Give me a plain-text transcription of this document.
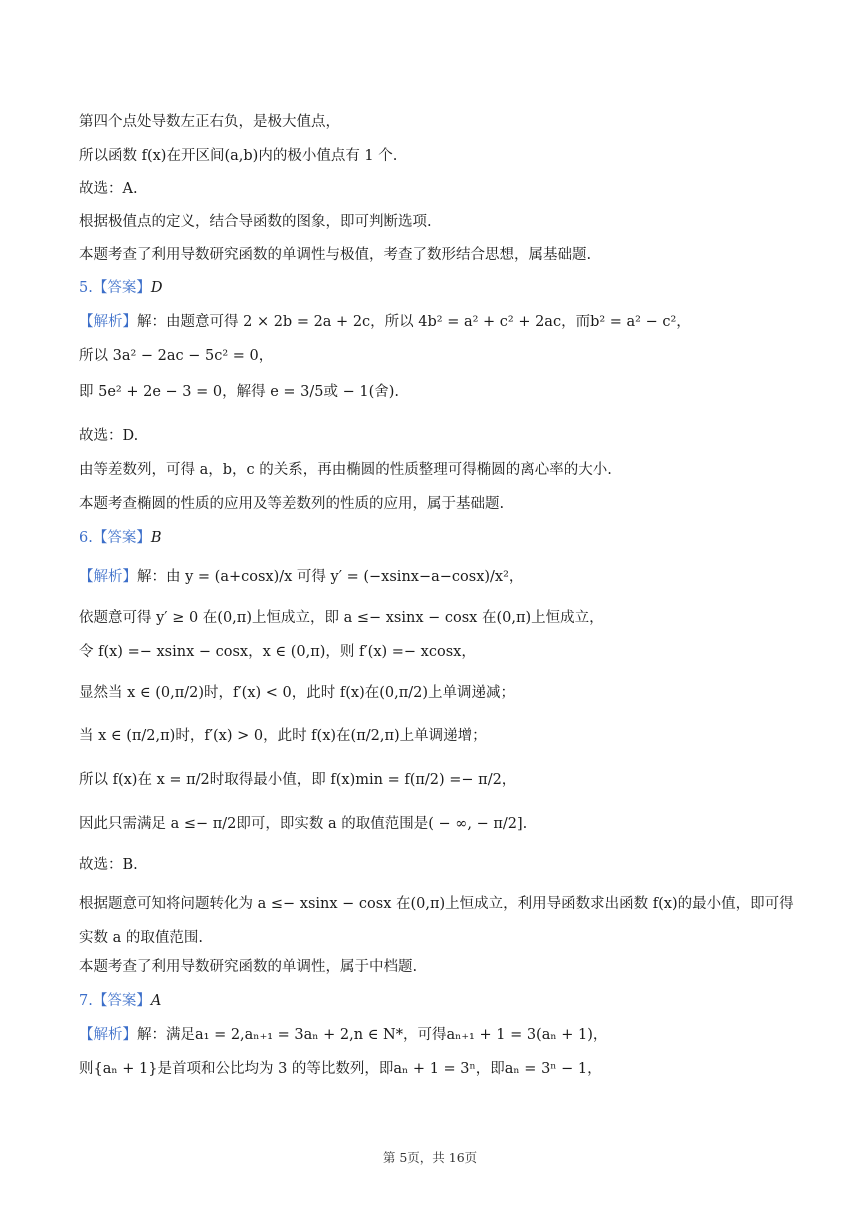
第四个点处导数左正右负，是极大值点，
所以函数 f(x)在开区间(a,b)内的极小值点有 1 个.
故选：A.
根据极值点的定义，结合导函数的图象，即可判断选项.
本题考查了利用导数研究函数的单调性与极值，考查了数形结合思想，属基础题.
5.【答案】D
【解析】解：由题意可得 2 × 2b = 2a + 2c，所以 4b² = a² + c² + 2ac，而b² = a² − c²，
所以 3a² − 2ac − 5c² = 0，
即 5e² + 2e − 3 = 0，解得 e = 3/5或 − 1(舍).
故选：D.
由等差数列，可得 a，b，c 的关系，再由椭圆的性质整理可得椭圆的离心率的大小.
本题考查椭圆的性质的应用及等差数列的性质的应用，属于基础题.
6.【答案】B
【解析】解：由 y = (a+cosx)/x 可得 y′ = (−xsinx−a−cosx)/x²，
依题意可得 y′ ≥ 0 在(0,π)上恒成立，即 a ≤− xsinx − cosx 在(0,π)上恒成立，
令 f(x) =− xsinx − cosx，x ∈ (0,π)，则 f′(x) =− xcosx，
显然当 x ∈ (0,π/2)时，f′(x) < 0，此时 f(x)在(0,π/2)上单调递减；
当 x ∈ (π/2,π)时，f′(x) > 0，此时 f(x)在(π/2,π)上单调递增；
所以 f(x)在 x = π/2时取得最小值，即 f(x)min = f(π/2) =− π/2，
因此只需满足 a ≤− π/2即可，即实数 a 的取值范围是( − ∞, − π/2].
故选：B.
根据题意可知将问题转化为 a ≤− xsinx − cosx 在(0,π)上恒成立，利用导函数求出函数 f(x)的最小值，即可得实数 a 的取值范围.
本题考查了利用导数研究函数的单调性，属于中档题.
7.【答案】A
【解析】解：满足a₁ = 2,aₙ₊₁ = 3aₙ + 2,n ∈ N*，可得aₙ₊₁ + 1 = 3(aₙ + 1)，
则{aₙ + 1}是首项和公比均为 3 的等比数列，即aₙ + 1 = 3ⁿ，即aₙ = 3ⁿ − 1，
第 5页，共 16页
